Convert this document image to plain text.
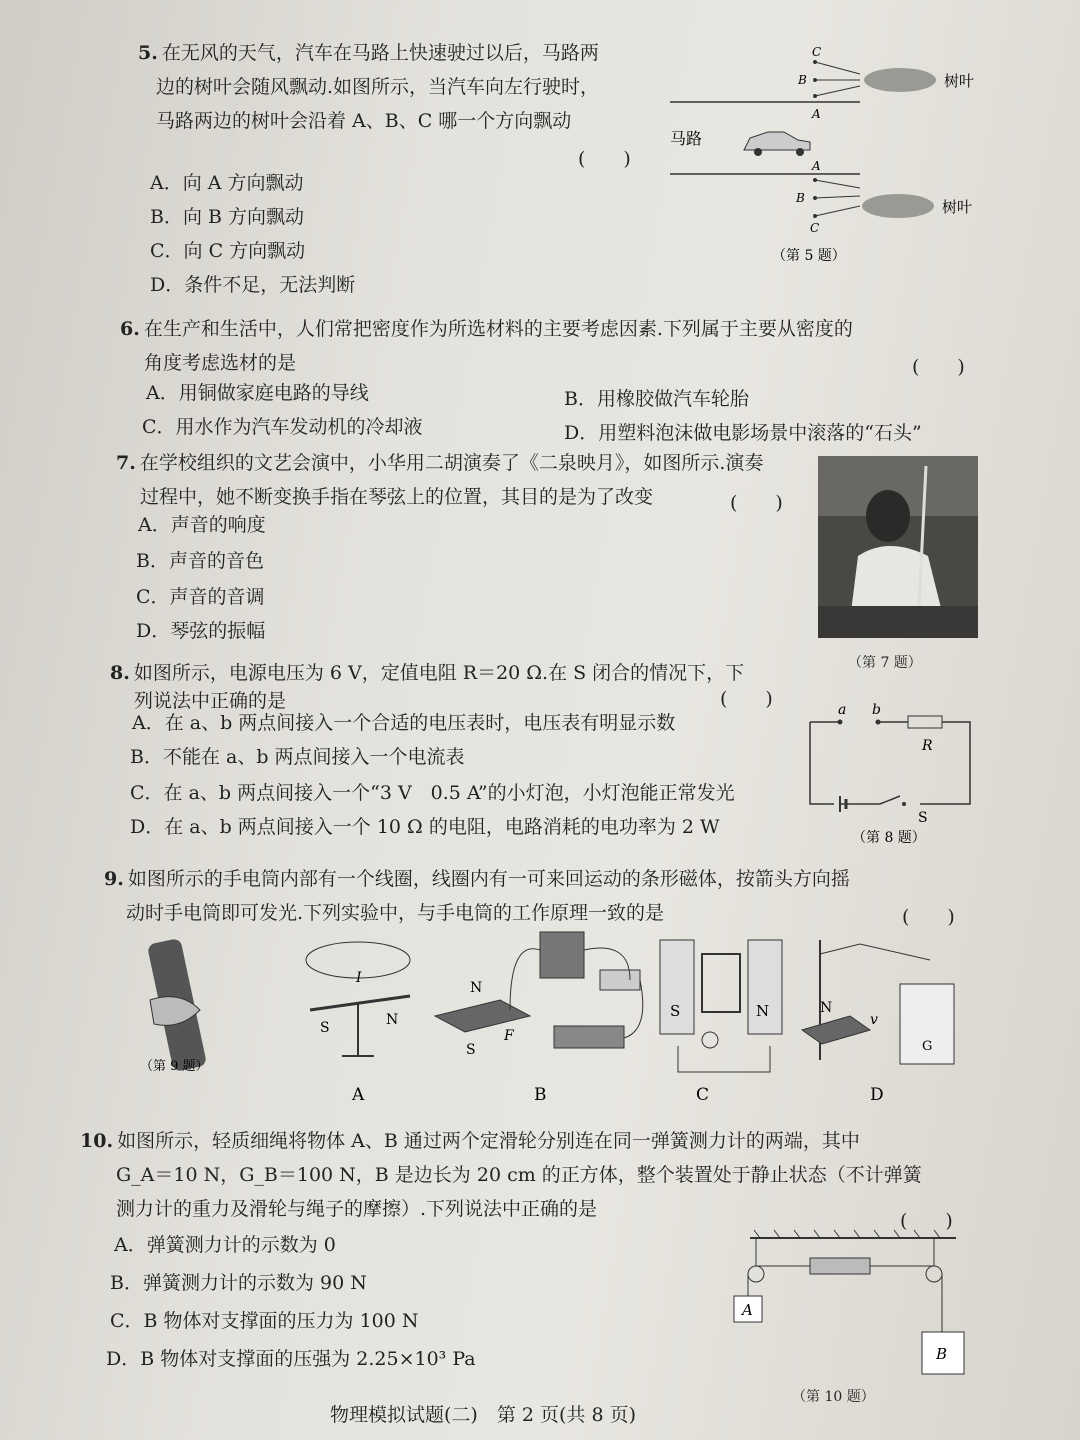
5. 在无风的天气，汽车在马路上快速驶过以后，马路两
边的树叶会随风飘动.如图所示，当汽车向左行驶时，
马路两边的树叶会沿着 A、B、C 哪一个方向飘动
(　　)
A．向 A 方向飘动
B．向 B 方向飘动
C．向 C 方向飘动
D．条件不足，无法判断
C
B
A
树叶
马路
A
B
C
树叶
（第 5 题）
6. 在生产和生活中，人们常把密度作为所选材料的主要考虑因素.下列属于主要从密度的
角度考虑选材的是	(　　)
A．用铜做家庭电路的导线	B．用橡胶做汽车轮胎
C．用水作为汽车发动机的冷却液	D．用塑料泡沫做电影场景中滚落的“石头”
7. 在学校组织的文艺会演中，小华用二胡演奏了《二泉映月》，如图所示.演奏
过程中，她不断变换手指在琴弦上的位置，其目的是为了改变	(　　)
A．声音的响度
B．声音的音色
C．声音的音调
D．琴弦的振幅
（第 7 题）
8. 如图所示，电源电压为 6 V，定值电阻 R＝20 Ω.在 S 闭合的情况下，下
列说法中正确的是	(　　)
A．在 a、b 两点间接入一个合适的电压表时，电压表有明显示数
B．不能在 a、b 两点间接入一个电流表
C．在 a、b 两点间接入一个“3 V　0.5 A”的小灯泡，小灯泡能正常发光
D．在 a、b 两点间接入一个 10 Ω 的电阻，电路消耗的电功率为 2 W
a b
R
S
（第 8 题）
9. 如图所示的手电筒内部有一个线圈，线圈内有一可来回运动的条形磁体，按箭头方向摇
动时手电筒即可发光.下列实验中，与手电筒的工作原理一致的是	(　　)
（第 9 题）
I
S	N
A
N
S
F
B
S	N
C
N
v
G
D
10. 如图所示，轻质细绳将物体 A、B 通过两个定滑轮分别连在同一弹簧测力计的两端，其中
G_A＝10 N，G_B＝100 N，B 是边长为 20 cm 的正方体，整个装置处于静止状态（不计弹簧
测力计的重力及滑轮与绳子的摩擦）.下列说法中正确的是
(　　)
A．弹簧测力计的示数为 0
B．弹簧测力计的示数为 90 N
C．B 物体对支撑面的压力为 100 N
D．B 物体对支撑面的压强为 2.25×10³ Pa
A
B
（第 10 题）
物理模拟试题(二)　第 2 页(共 8 页)
